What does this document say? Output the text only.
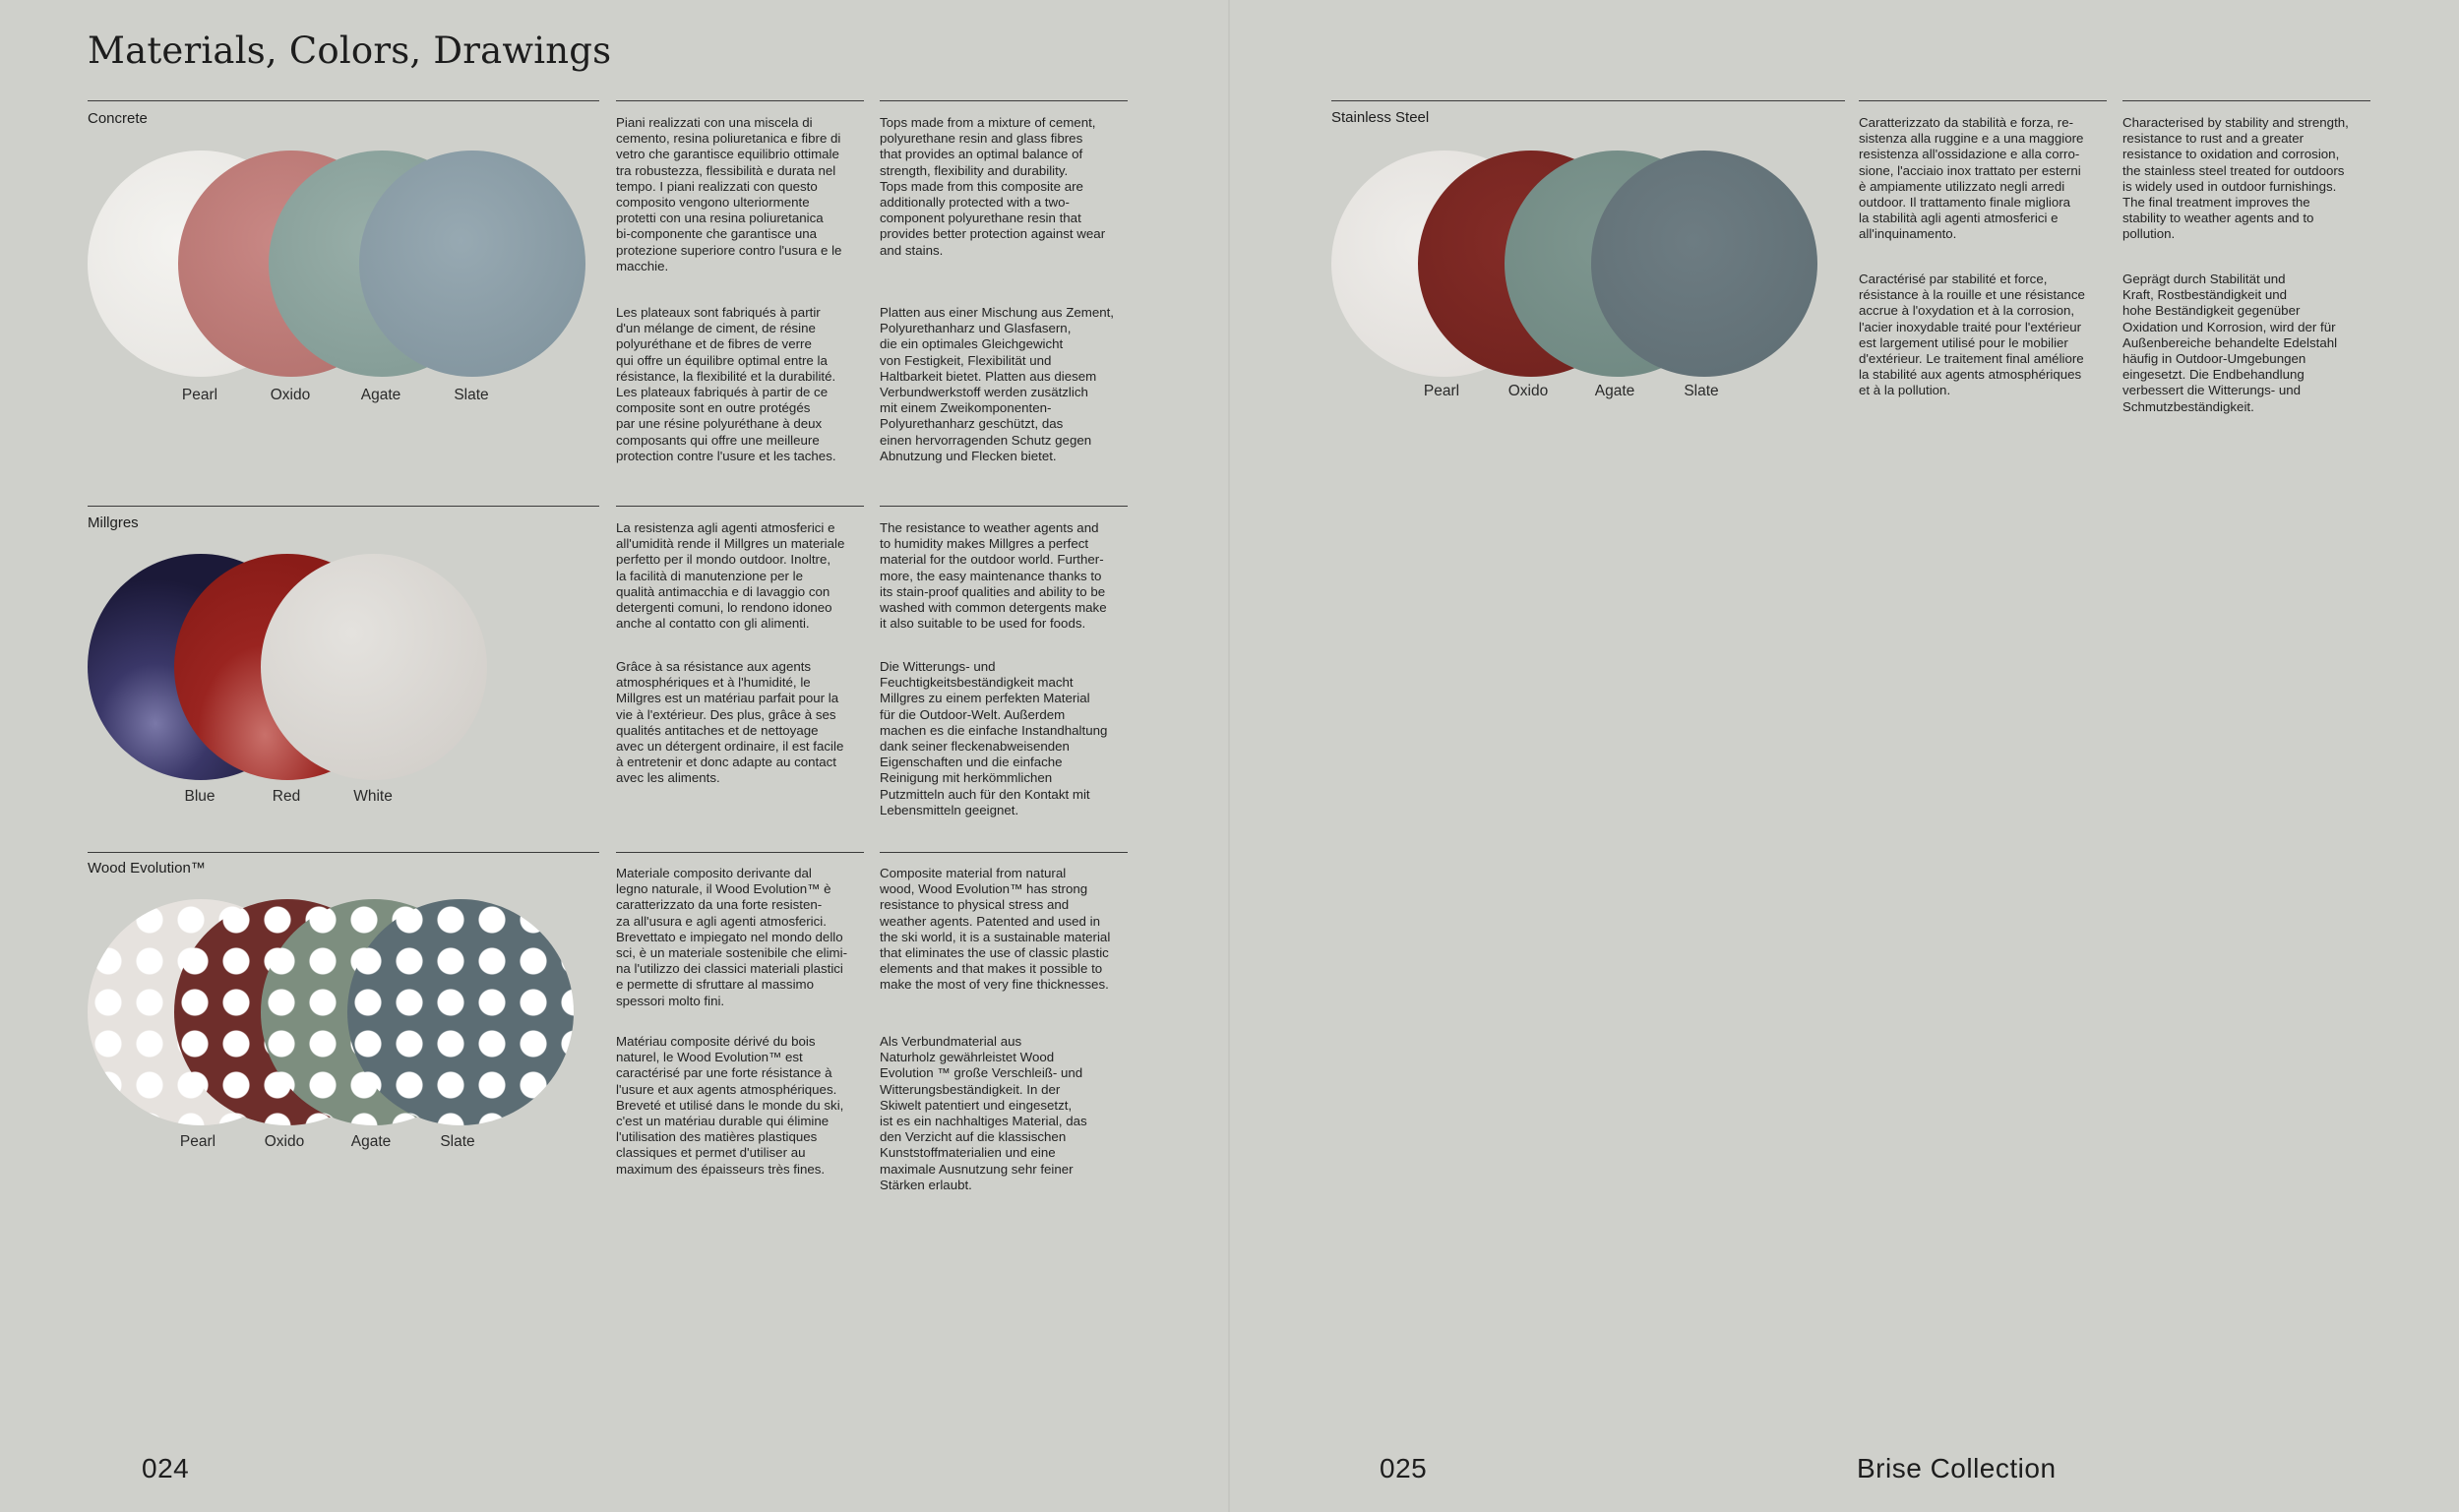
Materials, Colors, Drawings
Concrete
Pearl	Oxido	Agate	Slate

Piani realizzati con una miscela di
cemento, resina poliuretanica e fibre di
vetro che garantisce equilibrio ottimale
tra robustezza, flessibilità e durata nel
tempo. I piani realizzati con questo
composito vengono ulteriormente
protetti con una resina poliuretanica
bi-componente che garantisce una
protezione superiore contro l'usura e le
macchie.

Tops made from a mixture of cement,
polyurethane resin and glass fibres
that provides an optimal balance of
strength, flexibility and durability.
Tops made from this composite are
additionally protected with a two-
component polyurethane resin that
provides better protection against wear
and stains.

Les plateaux sont fabriqués à partir
d'un mélange de ciment, de résine
polyuréthane et de fibres de verre
qui offre un équilibre optimal entre la
résistance, la flexibilité et la durabilité.
Les plateaux fabriqués à partir de ce
composite sont en outre protégés
par une résine polyuréthane à deux
composants qui offre une meilleure
protection contre l'usure et les taches.

Platten aus einer Mischung aus Zement,
Polyurethanharz und Glasfasern,
die ein optimales Gleichgewicht
von Festigkeit, Flexibilität und
Haltbarkeit bietet. Platten aus diesem
Verbundwerkstoff werden zusätzlich
mit einem Zweikomponenten-
Polyurethanharz geschützt, das
einen hervorragenden Schutz gegen
Abnutzung und Flecken bietet.

Millgres
Blue	Red	White

La resistenza agli agenti atmosferici e
all'umidità rende il Millgres un materiale
perfetto per il mondo outdoor. Inoltre,
la facilità di manutenzione per le
qualità antimacchia e di lavaggio con
detergenti comuni, lo rendono idoneo
anche al contatto con gli alimenti.

The resistance to weather agents and
to humidity makes Millgres a perfect
material for the outdoor world. Further-
more, the easy maintenance thanks to
its stain-proof qualities and ability to be
washed with common detergents make
it also suitable to be used for foods.

Grâce à sa résistance aux agents
atmosphériques et à l'humidité, le
Millgres est un matériau parfait pour la
vie à l'extérieur. Des plus, grâce à ses
qualités antitaches et de nettoyage
avec un détergent ordinaire, il est facile
à entretenir et donc adapte au contact
avec les aliments.

Die Witterungs- und
Feuchtigkeitsbeständigkeit macht
Millgres zu einem perfekten Material
für die Outdoor-Welt. Außerdem
machen es die einfache Instandhaltung
dank seiner fleckenabweisenden
Eigenschaften und die einfache
Reinigung mit herkömmlichen
Putzmitteln auch für den Kontakt mit
Lebensmitteln geeignet.

Wood Evolution™
Pearl	Oxido	Agate	Slate

Materiale composito derivante dal
legno naturale, il Wood Evolution™ è
caratterizzato da una forte resisten-
za all'usura e agli agenti atmosferici.
Brevettato e impiegato nel mondo dello
sci, è un materiale sostenibile che elimi-
na l'utilizzo dei classici materiali plastici
e permette di sfruttare al massimo
spessori molto fini.

Composite material from natural
wood, Wood Evolution™ has strong
resistance to physical stress and
weather agents. Patented and used in
the ski world, it is a sustainable material
that eliminates the use of classic plastic
elements and that makes it possible to
make the most of very fine thicknesses.

Matériau composite dérivé du bois
naturel, le Wood Evolution™ est
caractérisé par une forte résistance à
l'usure et aux agents atmosphériques.
Breveté et utilisé dans le monde du ski,
c'est un matériau durable qui élimine
l'utilisation des matières plastiques
classiques et permet d'utiliser au
maximum des épaisseurs très fines.

Als Verbundmaterial aus
Naturholz gewährleistet Wood
Evolution ™ große Verschleiß- und
Witterungsbeständigkeit. In der
Skiwelt patentiert und eingesetzt,
ist es ein nachhaltiges Material, das
den Verzicht auf die klassischen
Kunststoffmaterialien und eine
maximale Ausnutzung sehr feiner
Stärken erlaubt.

024
Stainless Steel
Pearl	Oxido	Agate	Slate

Caratterizzato da stabilità e forza, re-
sistenza alla ruggine e a una maggiore
resistenza all'ossidazione e alla corro-
sione, l'acciaio inox trattato per esterni
è ampiamente utilizzato negli arredi
outdoor. Il trattamento finale migliora
la stabilità agli agenti atmosferici e
all'inquinamento.

Characterised by stability and strength,
resistance to rust and a greater
resistance to oxidation and corrosion,
the stainless steel treated for outdoors
is widely used in outdoor furnishings.
The final treatment improves the
stability to weather agents and to
pollution.

Caractérisé par stabilité et force,
résistance à la rouille et une résistance
accrue à l'oxydation et à la corrosion,
l'acier inoxydable traité pour l'extérieur
est largement utilisé pour le mobilier
d'extérieur. Le traitement final améliore
la stabilité aux agents atmosphériques
et à la pollution.

Geprägt durch Stabilität und
Kraft, Rostbeständigkeit und
hohe Beständigkeit gegenüber
Oxidation und Korrosion, wird der für
Außenbereiche behandelte Edelstahl
häufig in Outdoor-Umgebungen
eingesetzt. Die Endbehandlung
verbessert die Witterungs- und
Schmutzbeständigkeit.

025	Brise Collection
